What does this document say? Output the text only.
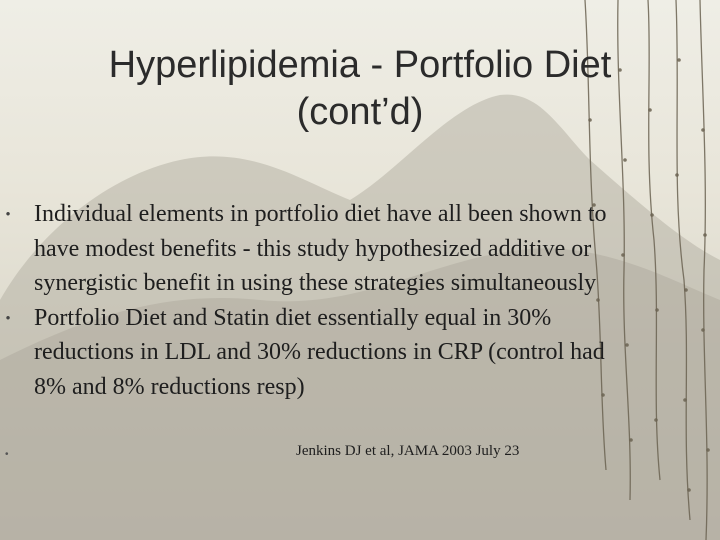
Hyperlipidemia - Portfolio Diet
(cont’d)
•
Individual elements in portfolio diet have all been shown to
have modest benefits - this study hypothesized additive or
synergistic benefit in using these strategies simultaneously
•
Portfolio Diet and Statin diet essentially equal in 30%
reductions in LDL and 30% reductions in CRP (control had
8% and 8% reductions resp)
•
Jenkins DJ et al, JAMA 2003 July 23
